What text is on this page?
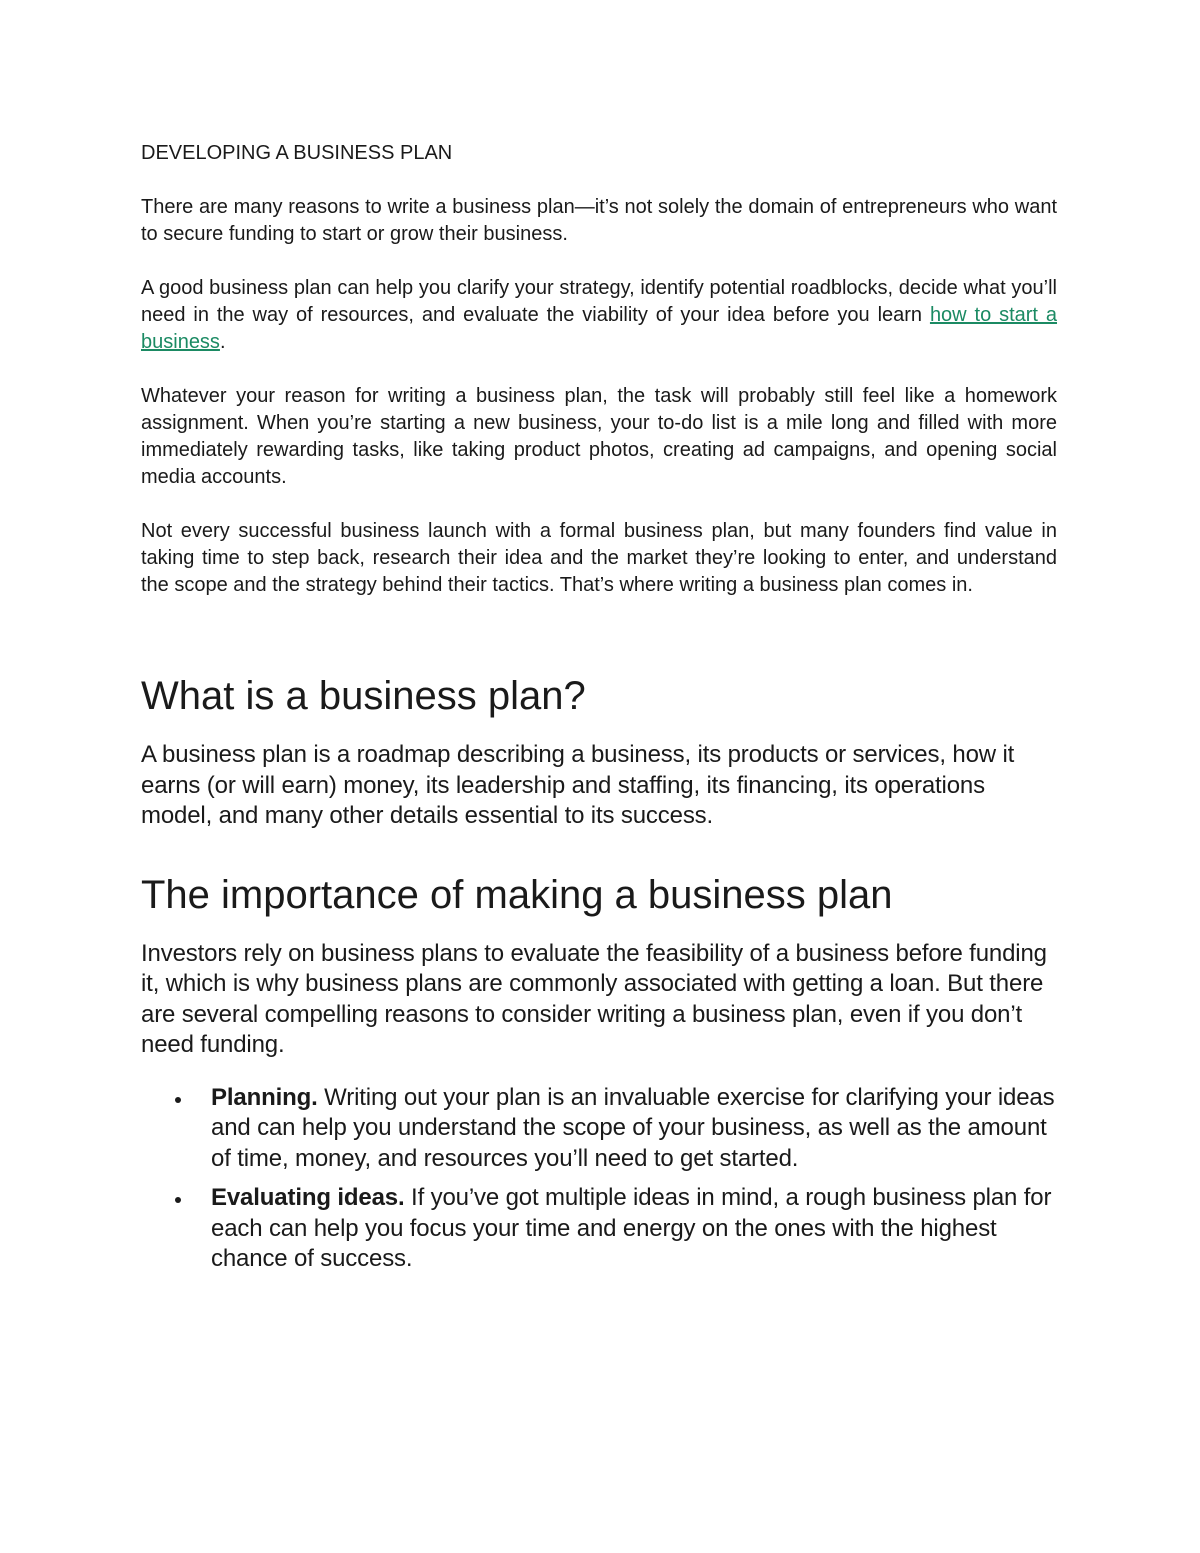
DEVELOPING A BUSINESS PLAN

There are many reasons to write a business plan—it’s not solely the domain of entrepreneurs who want to secure funding to start or grow their business.

A good business plan can help you clarify your strategy, identify potential roadblocks, decide what you’ll need in the way of resources, and evaluate the viability of your idea before you learn how to start a business.

Whatever your reason for writing a business plan, the task will probably still feel like a homework assignment. When you’re starting a new business, your to-do list is a mile long and filled with more immediately rewarding tasks, like taking product photos, creating ad campaigns, and opening social media accounts.

Not every successful business launch with a formal business plan, but many founders find value in taking time to step back, research their idea and the market they’re looking to enter, and understand the scope and the strategy behind their tactics. That’s where writing a business plan comes in.

What is a business plan?

A business plan is a roadmap describing a business, its products or services, how it earns (or will earn) money, its leadership and staffing, its financing, its operations model, and many other details essential to its success.

The importance of making a business plan

Investors rely on business plans to evaluate the feasibility of a business before funding it, which is why business plans are commonly associated with getting a loan. But there are several compelling reasons to consider writing a business plan, even if you don’t need funding.

Planning. Writing out your plan is an invaluable exercise for clarifying your ideas and can help you understand the scope of your business, as well as the amount of time, money, and resources you’ll need to get started.
Evaluating ideas. If you’ve got multiple ideas in mind, a rough business plan for each can help you focus your time and energy on the ones with the highest chance of success.
